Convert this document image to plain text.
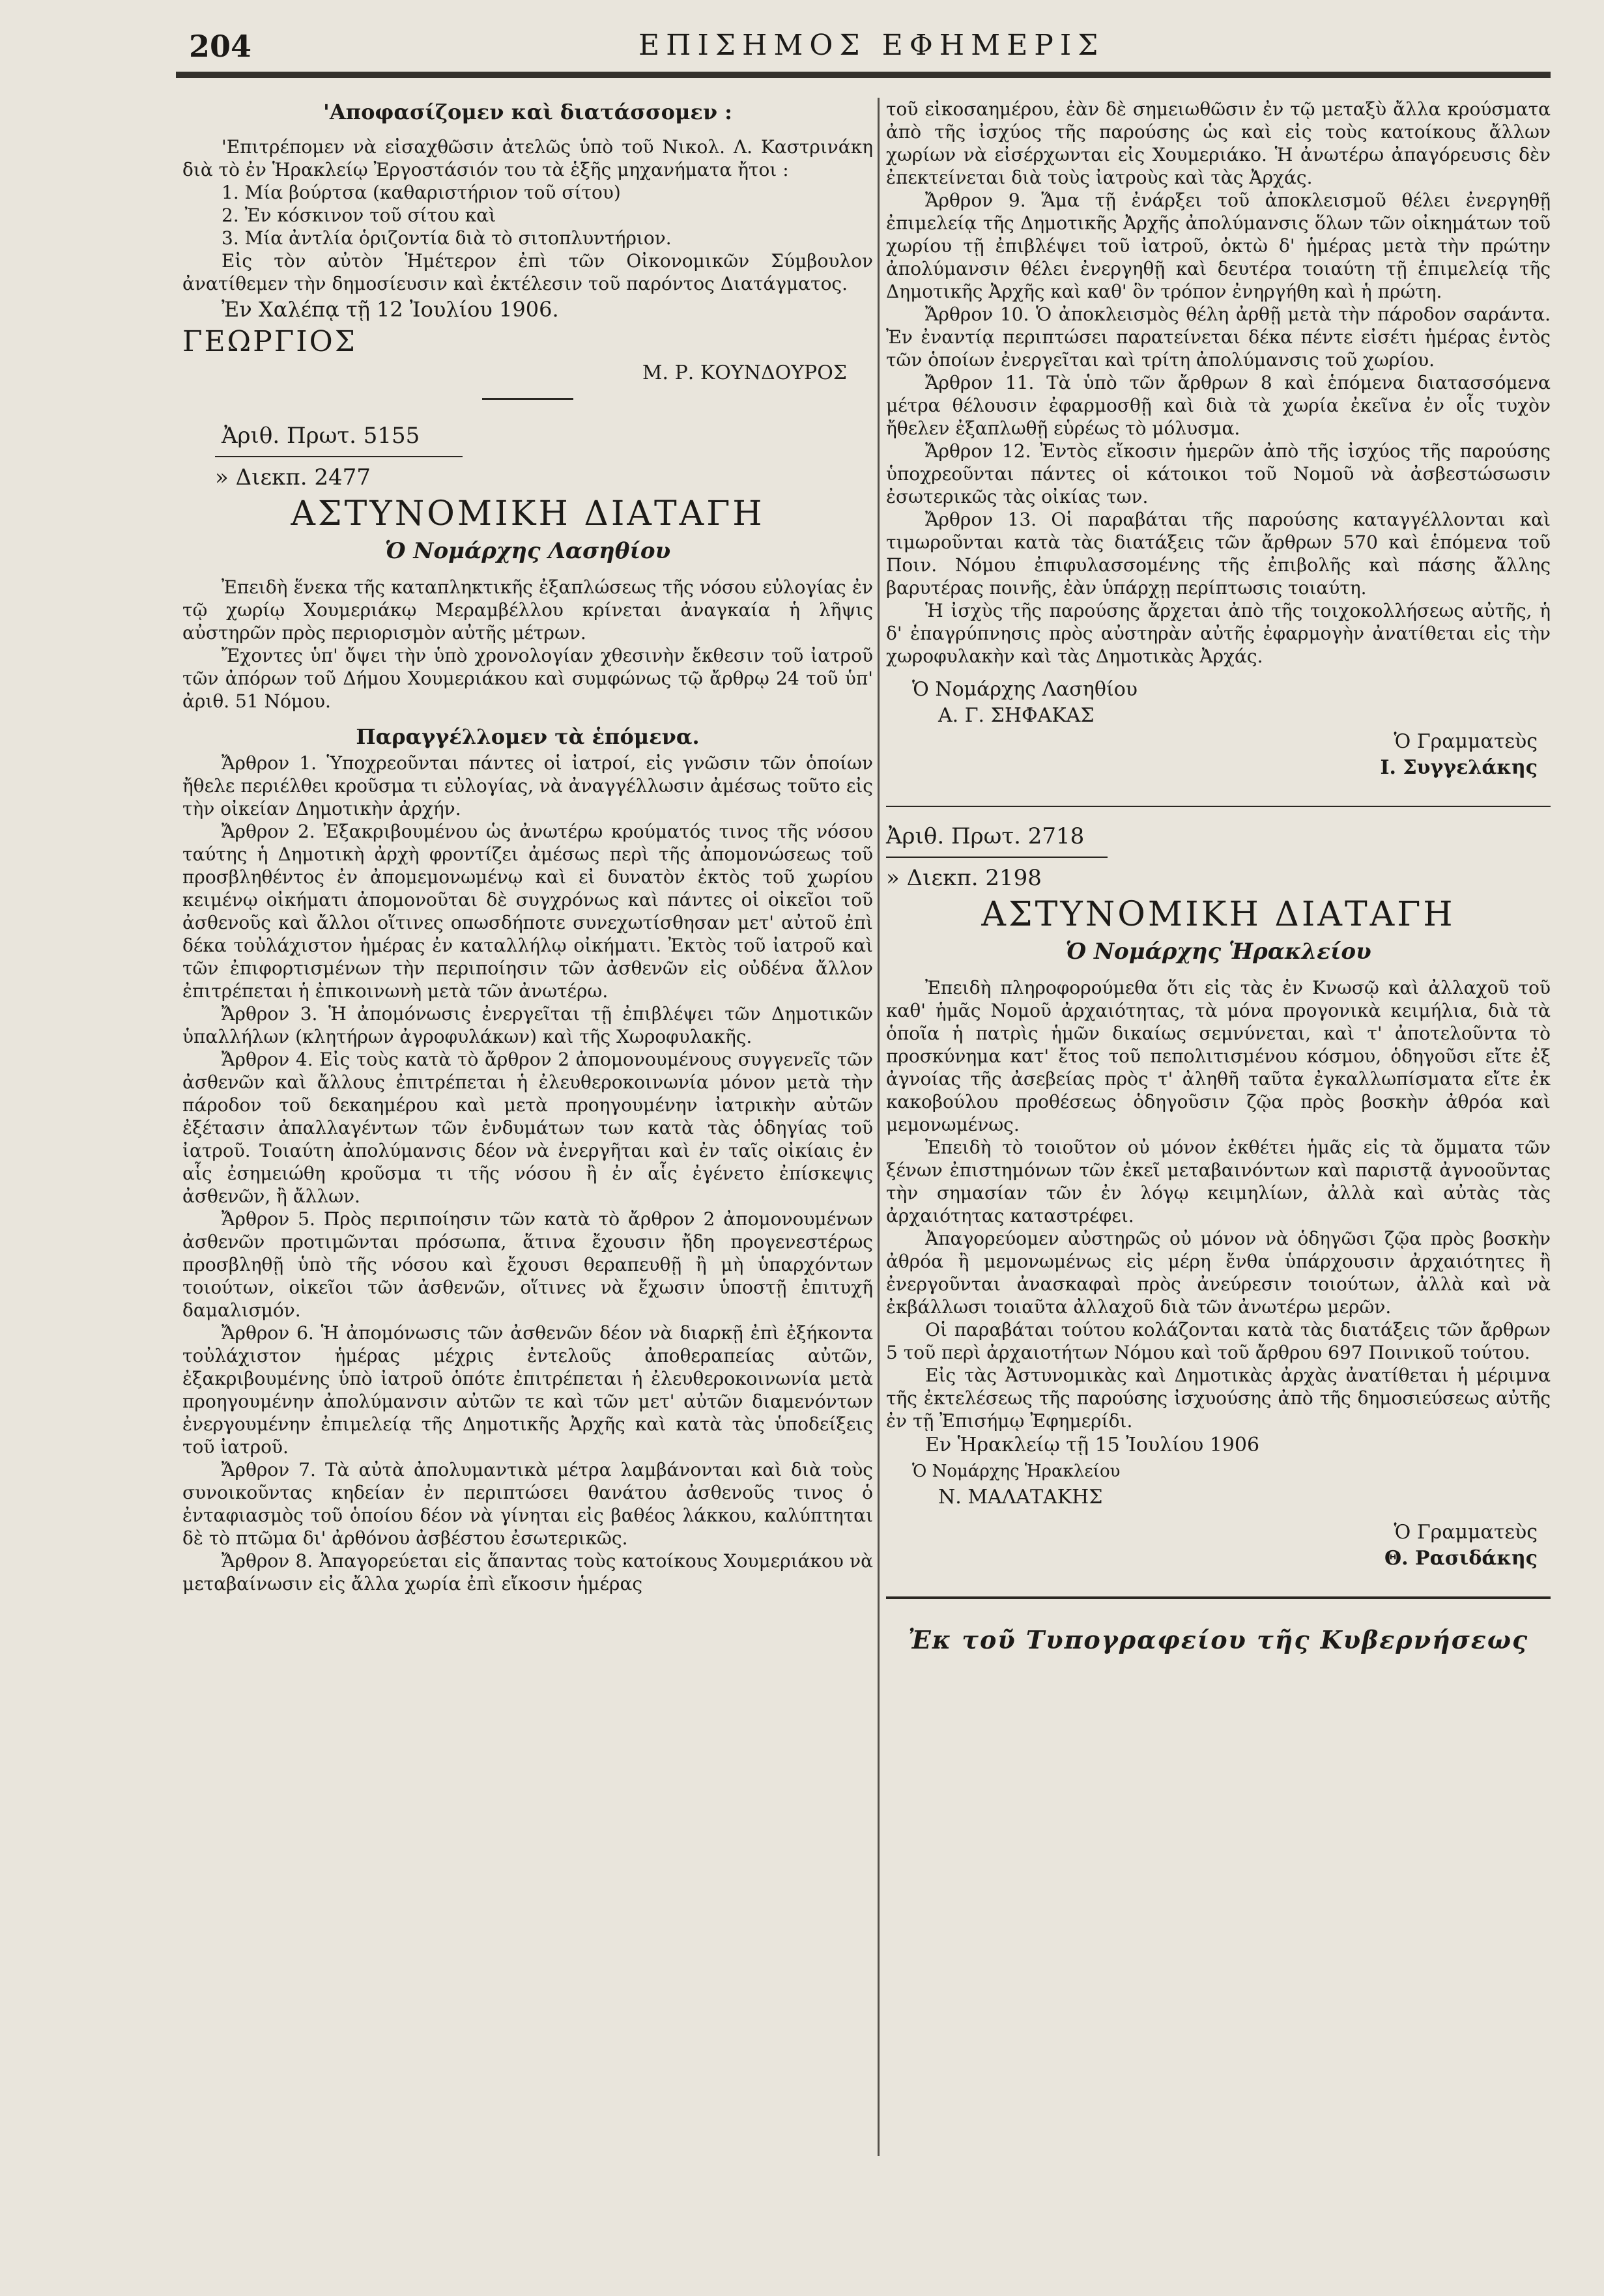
204	ΕΠΙΣΗΜΟΣ ΕΦΗΜΕΡΙΣ

'Αποφασίζομεν καὶ διατάσσομεν :

'Επιτρέπομεν νὰ εἰσαχθῶσιν ἀτελῶς ὑπὸ τοῦ Νικολ. Λ. Καστρινάκη διὰ τὸ ἐν Ἡρακλείῳ Ἐργοστάσιόν του τὰ ἑξῆς μηχανήματα ἤτοι :

1. Μία βούρτσα (καθαριστήριον τοῦ σίτου)

2. Ἐν κόσκινον τοῦ σίτου καὶ

3. Μία ἀντλία ὁριζοντία διὰ τὸ σιτοπλυντήριον.

Εἰς τὸν αὐτὸν Ἡμέτερον ἐπὶ τῶν Οἰκονομικῶν Σύμβουλον ἀνατίθεμεν τὴν δημοσίευσιν καὶ ἐκτέλεσιν τοῦ παρόντος Διατάγματος.

Ἐν Χαλέπᾳ τῇ 12 Ἰουλίου 1906.

ΓΕΩΡΓΙΟΣ

Μ. Ρ. ΚΟΥΝΔΟΥΡΟΣ

Ἀριθ. Πρωτ. 5155

» Διεκπ. 2477

ΑΣΤΥΝΟΜΙΚΗ ΔΙΑΤΑΓΗ

Ὁ Νομάρχης Λασηθίου

Ἐπειδὴ ἕνεκα τῆς καταπληκτικῆς ἐξαπλώσεως τῆς νόσου εὐλογίας ἐν τῷ χωρίῳ Χουμεριάκῳ Μεραμβέλλου κρίνεται ἀναγκαία ἡ λῆψις αὐστηρῶν πρὸς περιορισμὸν αὐτῆς μέτρων.

Ἔχοντες ὑπ' ὄψει τὴν ὑπὸ χρονολογίαν χθεσινὴν ἔκθεσιν τοῦ ἰατροῦ τῶν ἀπόρων τοῦ Δήμου Χουμεριάκου καὶ συμφώνως τῷ ἄρθρῳ 24 τοῦ ὑπ' ἀριθ. 51 Νόμου.

Παραγγέλλομεν τὰ ἑπόμενα.

Ἄρθρον 1. Ὑποχρεοῦνται πάντες οἱ ἰατροί, εἰς γνῶσιν τῶν ὁποίων ἤθελε περιέλθει κροῦσμα τι εὐλογίας, νὰ ἀναγγέλλωσιν ἀμέσως τοῦτο εἰς τὴν οἰκείαν Δημοτικὴν ἀρχήν.

Ἄρθρον 2. Ἐξακριβουμένου ὡς ἀνωτέρω κρούματός τινος τῆς νόσου ταύτης ἡ Δημοτικὴ ἀρχὴ φροντίζει ἀμέσως περὶ τῆς ἀπομονώσεως τοῦ προσβληθέντος ἐν ἀπομεμονωμένῳ καὶ εἰ δυνατὸν ἐκτὸς τοῦ χωρίου κειμένῳ οἰκήματι ἀπομονοῦται δὲ συγχρόνως καὶ πάντες οἱ οἰκεῖοι τοῦ ἀσθενοῦς καὶ ἄλλοι οἵτινες οπωσδήποτε συνεχωτίσθησαν μετ' αὐτοῦ ἐπὶ δέκα τοὐλάχιστον ἡμέρας ἐν καταλλήλῳ οἰκήματι. Ἐκτὸς τοῦ ἰατροῦ καὶ τῶν ἐπιφορτισμένων τὴν περιποίησιν τῶν ἀσθενῶν εἰς οὐδένα ἄλλον ἐπιτρέπεται ἡ ἐπικοινωνὴ μετὰ τῶν ἀνωτέρω.

Ἄρθρον 3. Ἡ ἀπομόνωσις ἐνεργεῖται τῇ ἐπιβλέψει τῶν Δημοτικῶν ὑπαλλήλων (κλητήρων ἀγροφυλάκων) καὶ τῆς Χωροφυλακῆς.

Ἄρθρον 4. Εἰς τοὺς κατὰ τὸ ἄρθρον 2 ἀπομονουμένους συγγενεῖς τῶν ἀσθενῶν καὶ ἄλλους ἐπιτρέπεται ἡ ἐλευθεροκοινωνία μόνον μετὰ τὴν πάροδον τοῦ δεκαημέρου καὶ μετὰ προηγουμένην ἰατρικὴν αὐτῶν ἐξέτασιν ἀπαλλαγέντων τῶν ἐνδυμάτων των κατὰ τὰς ὁδηγίας τοῦ ἰατροῦ. Τοιαύτη ἀπολύμανσις δέον νὰ ἐνεργῆται καὶ ἐν ταῖς οἰκίαις ἐν αἷς ἐσημειώθη κροῦσμα τι τῆς νόσου ἢ ἐν αἷς ἐγένετο ἐπίσκεψις ἀσθενῶν, ἢ ἄλλων.

Ἄρθρον 5. Πρὸς περιποίησιν τῶν κατὰ τὸ ἄρθρον 2 ἀπομονουμένων ἀσθενῶν προτιμῶνται πρόσωπα, ἅτινα ἔχουσιν ἤδη προγενεστέρως προσβληθῇ ὑπὸ τῆς νόσου καὶ ἔχουσι θεραπευθῇ ἢ μὴ ὑπαρχόντων τοιούτων, οἰκεῖοι τῶν ἀσθενῶν, οἵτινες νὰ ἔχωσιν ὑποστῇ ἐπιτυχῆ δαμαλισμόν.

Ἄρθρον 6. Ἡ ἀπομόνωσις τῶν ἀσθενῶν δέον νὰ διαρκῇ ἐπὶ ἐξήκοντα τοὐλάχιστον ἡμέρας μέχρις ἐντελοῦς ἀποθεραπείας αὐτῶν, ἐξακριβουμένης ὑπὸ ἰατροῦ ὁπότε ἐπιτρέπεται ἡ ἐλευθεροκοινωνία μετὰ προηγουμένην ἀπολύμανσιν αὐτῶν τε καὶ τῶν μετ' αὐτῶν διαμενόντων ἐνεργουμένην ἐπιμελείᾳ τῆς Δημοτικῆς Ἀρχῆς καὶ κατὰ τὰς ὑποδείξεις τοῦ ἰατροῦ.

Ἄρθρον 7. Τὰ αὐτὰ ἀπολυμαντικὰ μέτρα λαμβάνονται καὶ διὰ τοὺς συνοικοῦντας κηδείαν ἐν περιπτώσει θανάτου ἀσθενοῦς τινος ὁ ἐνταφιασμὸς τοῦ ὁποίου δέον νὰ γίνηται εἰς βαθέος λάκκου, καλύπτηται δὲ τὸ πτῶμα δι' ἀρθόνου ἀσβέστου ἐσωτερικῶς.

Ἄρθρον 8. Ἀπαγορεύεται εἰς ἅπαντας τοὺς κατοίκους Χουμεριάκου νὰ μεταβαίνωσιν εἰς ἄλλα χωρία ἐπὶ εἴκοσιν ἡμέρας

τοῦ εἰκοσαημέρου, ἐὰν δὲ σημειωθῶσιν ἐν τῷ μεταξὺ ἄλλα κρούσματα ἀπὸ τῆς ἰσχύος τῆς παρούσης ὡς καὶ εἰς τοὺς κατοίκους ἄλλων χωρίων νὰ εἰσέρχωνται εἰς Χουμεριάκο. Ἡ ἀνωτέρω ἀπαγόρευσις δὲν ἐπεκτείνεται διὰ τοὺς ἰατροὺς καὶ τὰς Ἀρχάς.

Ἄρθρον 9. Ἅμα τῇ ἐνάρξει τοῦ ἀποκλεισμοῦ θέλει ἐνεργηθῇ ἐπιμελείᾳ τῆς Δημοτικῆς Ἀρχῆς ἀπολύμανσις ὅλων τῶν οἰκημάτων τοῦ χωρίου τῇ ἐπιβλέψει τοῦ ἰατροῦ, ὀκτὼ δ' ἡμέρας μετὰ τὴν πρώτην ἀπολύμανσιν θέλει ἐνεργηθῇ καὶ δευτέρα τοιαύτη τῇ ἐπιμελείᾳ τῆς Δημοτικῆς Ἀρχῆς καὶ καθ' ὃν τρόπον ἐνηργήθη καὶ ἡ πρώτη.

Ἄρθρον 10. Ὁ ἀποκλεισμὸς θέλη ἀρθῇ μετὰ τὴν πάροδον σαράντα. Ἐν ἐναντίᾳ περιπτώσει παρατείνεται δέκα πέντε εἰσέτι ἡμέρας ἐντὸς τῶν ὁποίων ἐνεργεῖται καὶ τρίτη ἀπολύμανσις τοῦ χωρίου.

Ἄρθρον 11. Τὰ ὑπὸ τῶν ἄρθρων 8 καὶ ἑπόμενα διατασσόμενα μέτρα θέλουσιν ἐφαρμοσθῇ καὶ διὰ τὰ χωρία ἐκεῖνα ἐν οἷς τυχὸν ἤθελεν ἐξαπλωθῇ εὑρέως τὸ μόλυσμα.

Ἄρθρον 12. Ἐντὸς εἴκοσιν ἡμερῶν ἀπὸ τῆς ἰσχύος τῆς παρούσης ὑποχρεοῦνται πάντες οἱ κάτοικοι τοῦ Νομοῦ νὰ ἀσβεστώσωσιν ἐσωτερικῶς τὰς οἰκίας των.

Ἄρθρον 13. Οἱ παραβάται τῆς παρούσης καταγγέλλονται καὶ τιμωροῦνται κατὰ τὰς διατάξεις τῶν ἄρθρων 570 καὶ ἑπόμενα τοῦ Ποιν. Νόμου ἐπιφυλασσομένης τῆς ἐπιβολῆς καὶ πάσης ἄλλης βαρυτέρας ποινῆς, ἐὰν ὑπάρχῃ περίπτωσις τοιαύτη.

Ἡ ἰσχὺς τῆς παρούσης ἄρχεται ἀπὸ τῆς τοιχοκολλήσεως αὐτῆς, ἡ δ' ἐπαγρύπνησις πρὸς αὐστηρὰν αὐτῆς ἐφαρμογὴν ἀνατίθεται εἰς τὴν χωροφυλακὴν καὶ τὰς Δημοτικὰς Ἀρχάς.

Ὁ Νομάρχης Λασηθίου

Α. Γ. ΣΗΦΑΚΑΣ

Ὁ Γραμματεὺς

Ι. Συγγελάκης

Ἀριθ. Πρωτ. 2718

» Διεκπ. 2198

ΑΣΤΥΝΟΜΙΚΗ ΔΙΑΤΑΓΗ

Ὁ Νομάρχης Ἡρακλείου

Ἐπειδὴ πληροφορούμεθα ὅτι εἰς τὰς ἐν Κνωσῷ καὶ ἀλλαχοῦ τοῦ καθ' ἡμᾶς Νομοῦ ἀρχαιότητας, τὰ μόνα προγονικὰ κειμήλια, διὰ τὰ ὁποῖα ἡ πατρὶς ἡμῶν δικαίως σεμνύνεται, καὶ τ' ἀποτελοῦντα τὸ προσκύνημα κατ' ἔτος τοῦ πεπολιτισμένου κόσμου, ὁδηγοῦσι εἴτε ἐξ ἀγνοίας τῆς ἀσεβείας πρὸς τ' ἀληθῆ ταῦτα ἐγκαλλωπίσματα εἴτε ἐκ κακοβούλου προθέσεως ὁδηγοῦσιν ζῷα πρὸς βοσκὴν ἀθρόα καὶ μεμονωμένως.

Ἐπειδὴ τὸ τοιοῦτον οὐ μόνον ἐκθέτει ἡμᾶς εἰς τὰ ὄμματα τῶν ξένων ἐπιστημόνων τῶν ἐκεῖ μεταβαινόντων καὶ παριστᾷ ἀγνοοῦντας τὴν σημασίαν τῶν ἐν λόγῳ κειμηλίων, ἀλλὰ καὶ αὐτὰς τὰς ἀρχαιότητας καταστρέφει.

Ἀπαγορεύομεν αὐστηρῶς οὐ μόνον νὰ ὁδηγῶσι ζῷα πρὸς βοσκὴν ἀθρόα ἢ μεμονωμένως εἰς μέρη ἔνθα ὑπάρχουσιν ἀρχαιότητες ἢ ἐνεργοῦνται ἀνασκαφαὶ πρὸς ἀνεύρεσιν τοιούτων, ἀλλὰ καὶ νὰ ἐκβάλλωσι τοιαῦτα ἀλλαχοῦ διὰ τῶν ἀνωτέρω μερῶν.

Οἱ παραβάται τούτου κολάζονται κατὰ τὰς διατάξεις τῶν ἄρθρων 5 τοῦ περὶ ἀρχαιοτήτων Νόμου καὶ τοῦ ἄρθρου 697 Ποινικοῦ τούτου.

Εἰς τὰς Ἀστυνομικὰς καὶ Δημοτικὰς ἀρχὰς ἀνατίθεται ἡ μέριμνα τῆς ἐκτελέσεως τῆς παρούσης ἰσχυούσης ἀπὸ τῆς δημοσιεύσεως αὐτῆς ἐν τῇ Ἐπισήμῳ Ἐφημερίδι.

Εν Ἡρακλείῳ τῇ 15 Ἰουλίου 1906

Ὁ Νομάρχης Ἡρακλείου

Ν. ΜΑΛΑΤΑΚΗΣ

Ὁ Γραμματεὺς

Θ. Ρασιδάκης

Ἐκ τοῦ Τυπογραφείου τῆς Κυβερνήσεως
